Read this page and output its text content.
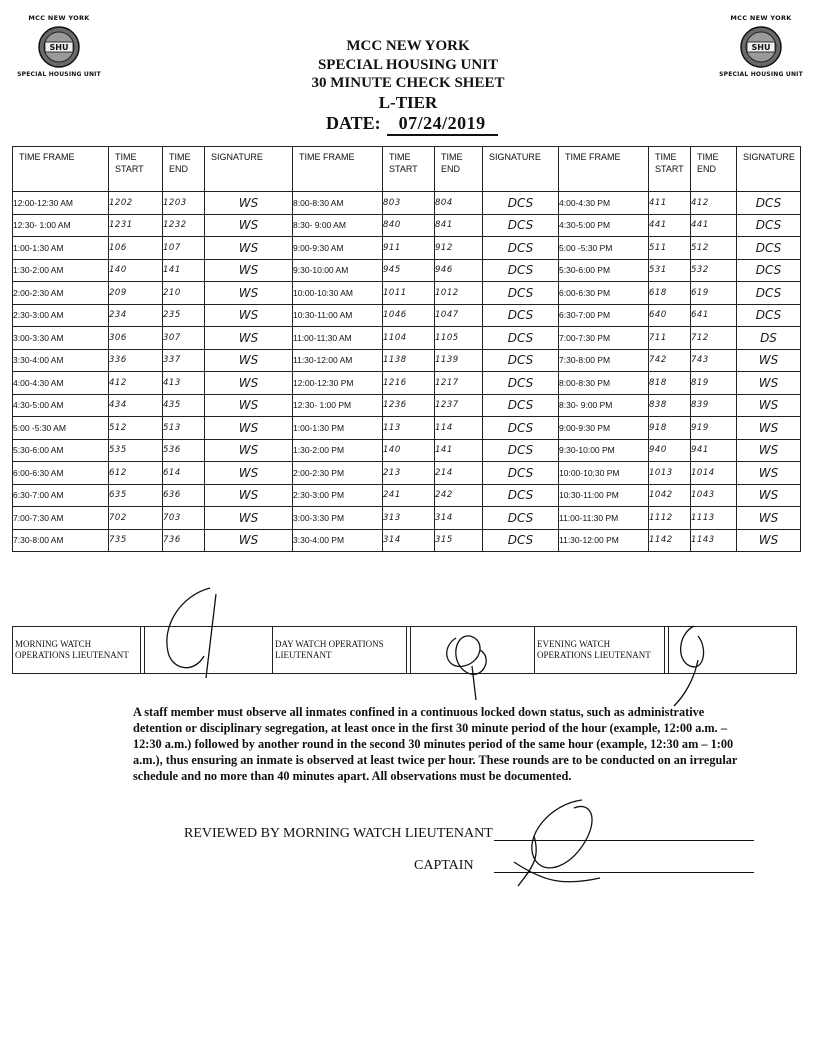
MCC NEW YORK
SHU
SPECIAL HOUSING UNIT
MCC NEW YORK
SHU
SPECIAL HOUSING UNIT
MCC NEW YORK
SPECIAL HOUSING UNIT
30 MINUTE CHECK SHEET
L-TIER
DATE: 07/24/2019
TIME FRAME	TIME START	TIME END	SIGNATURE	TIME FRAME	TIME START	TIME END	SIGNATURE	TIME FRAME	TIME START	TIME END	SIGNATURE
12:00-12:30 AM	1202	1203	WS	8:00-8:30 AM	803	804	DCS	4:00-4:30 PM	411	412	DCS
12:30- 1:00 AM	1231	1232	WS	8:30- 9:00 AM	840	841	DCS	4:30-5:00 PM	441	441	DCS
1:00-1:30 AM	106	107	WS	9:00-9:30 AM	911	912	DCS	5:00 -5:30 PM	511	512	DCS
1:30-2:00 AM	140	141	WS	9:30-10:00 AM	945	946	DCS	5:30-6:00 PM	531	532	DCS
2:00-2:30 AM	209	210	WS	10:00-10:30 AM	1011	1012	DCS	6:00-6:30 PM	618	619	DCS
2:30-3:00 AM	234	235	WS	10:30-11:00 AM	1046	1047	DCS	6:30-7:00 PM	640	641	DCS
3:00-3:30 AM	306	307	WS	11:00-11:30 AM	1104	1105	DCS	7:00-7:30 PM	711	712	DS
3:30-4:00 AM	336	337	WS	11:30-12:00 AM	1138	1139	DCS	7:30-8:00 PM	742	743	WS
4:00-4:30 AM	412	413	WS	12:00-12:30 PM	1216	1217	DCS	8:00-8:30 PM	818	819	WS
4:30-5:00 AM	434	435	WS	12:30- 1:00 PM	1236	1237	DCS	8:30- 9:00 PM	838	839	WS
5:00 -5:30 AM	512	513	WS	1:00-1:30 PM	113	114	DCS	9:00-9:30 PM	918	919	WS
5:30-6:00 AM	535	536	WS	1:30-2:00 PM	140	141	DCS	9:30-10:00 PM	940	941	WS
6:00-6:30 AM	612	614	WS	2:00-2:30 PM	213	214	DCS	10:00-10:30 PM	1013	1014	WS
6:30-7:00 AM	635	636	WS	2:30-3:00 PM	241	242	DCS	10:30-11:00 PM	1042	1043	WS
7:00-7:30 AM	702	703	WS	3:00-3:30 PM	313	314	DCS	11:00-11:30 PM	1112	1113	WS
7:30-8:00 AM	735	736	WS	3:30-4:00 PM	314	315	DCS	11:30-12:00 PM	1142	1143	WS
MORNING WATCH OPERATIONS LIEUTENANT			DAY WATCH OPERATIONS LIEUTENANT			EVENING WATCH OPERATIONS LIEUTENANT		
A staff member must observe all inmates confined in a continuous locked down status, such as administrative detention or disciplinary segregation, at least once in the first 30 minute period of the hour (example, 12:00 a.m. – 12:30 a.m.) followed by another round in the second 30 minutes period of the same hour (example, 12:30 am – 1:00 a.m.), thus ensuring an inmate is observed at least twice per hour. These rounds are to be conducted on an irregular schedule and no more than 40 minutes apart. All observations must be documented.
REVIEWED BY MORNING WATCH LIEUTENANT
CAPTAIN
